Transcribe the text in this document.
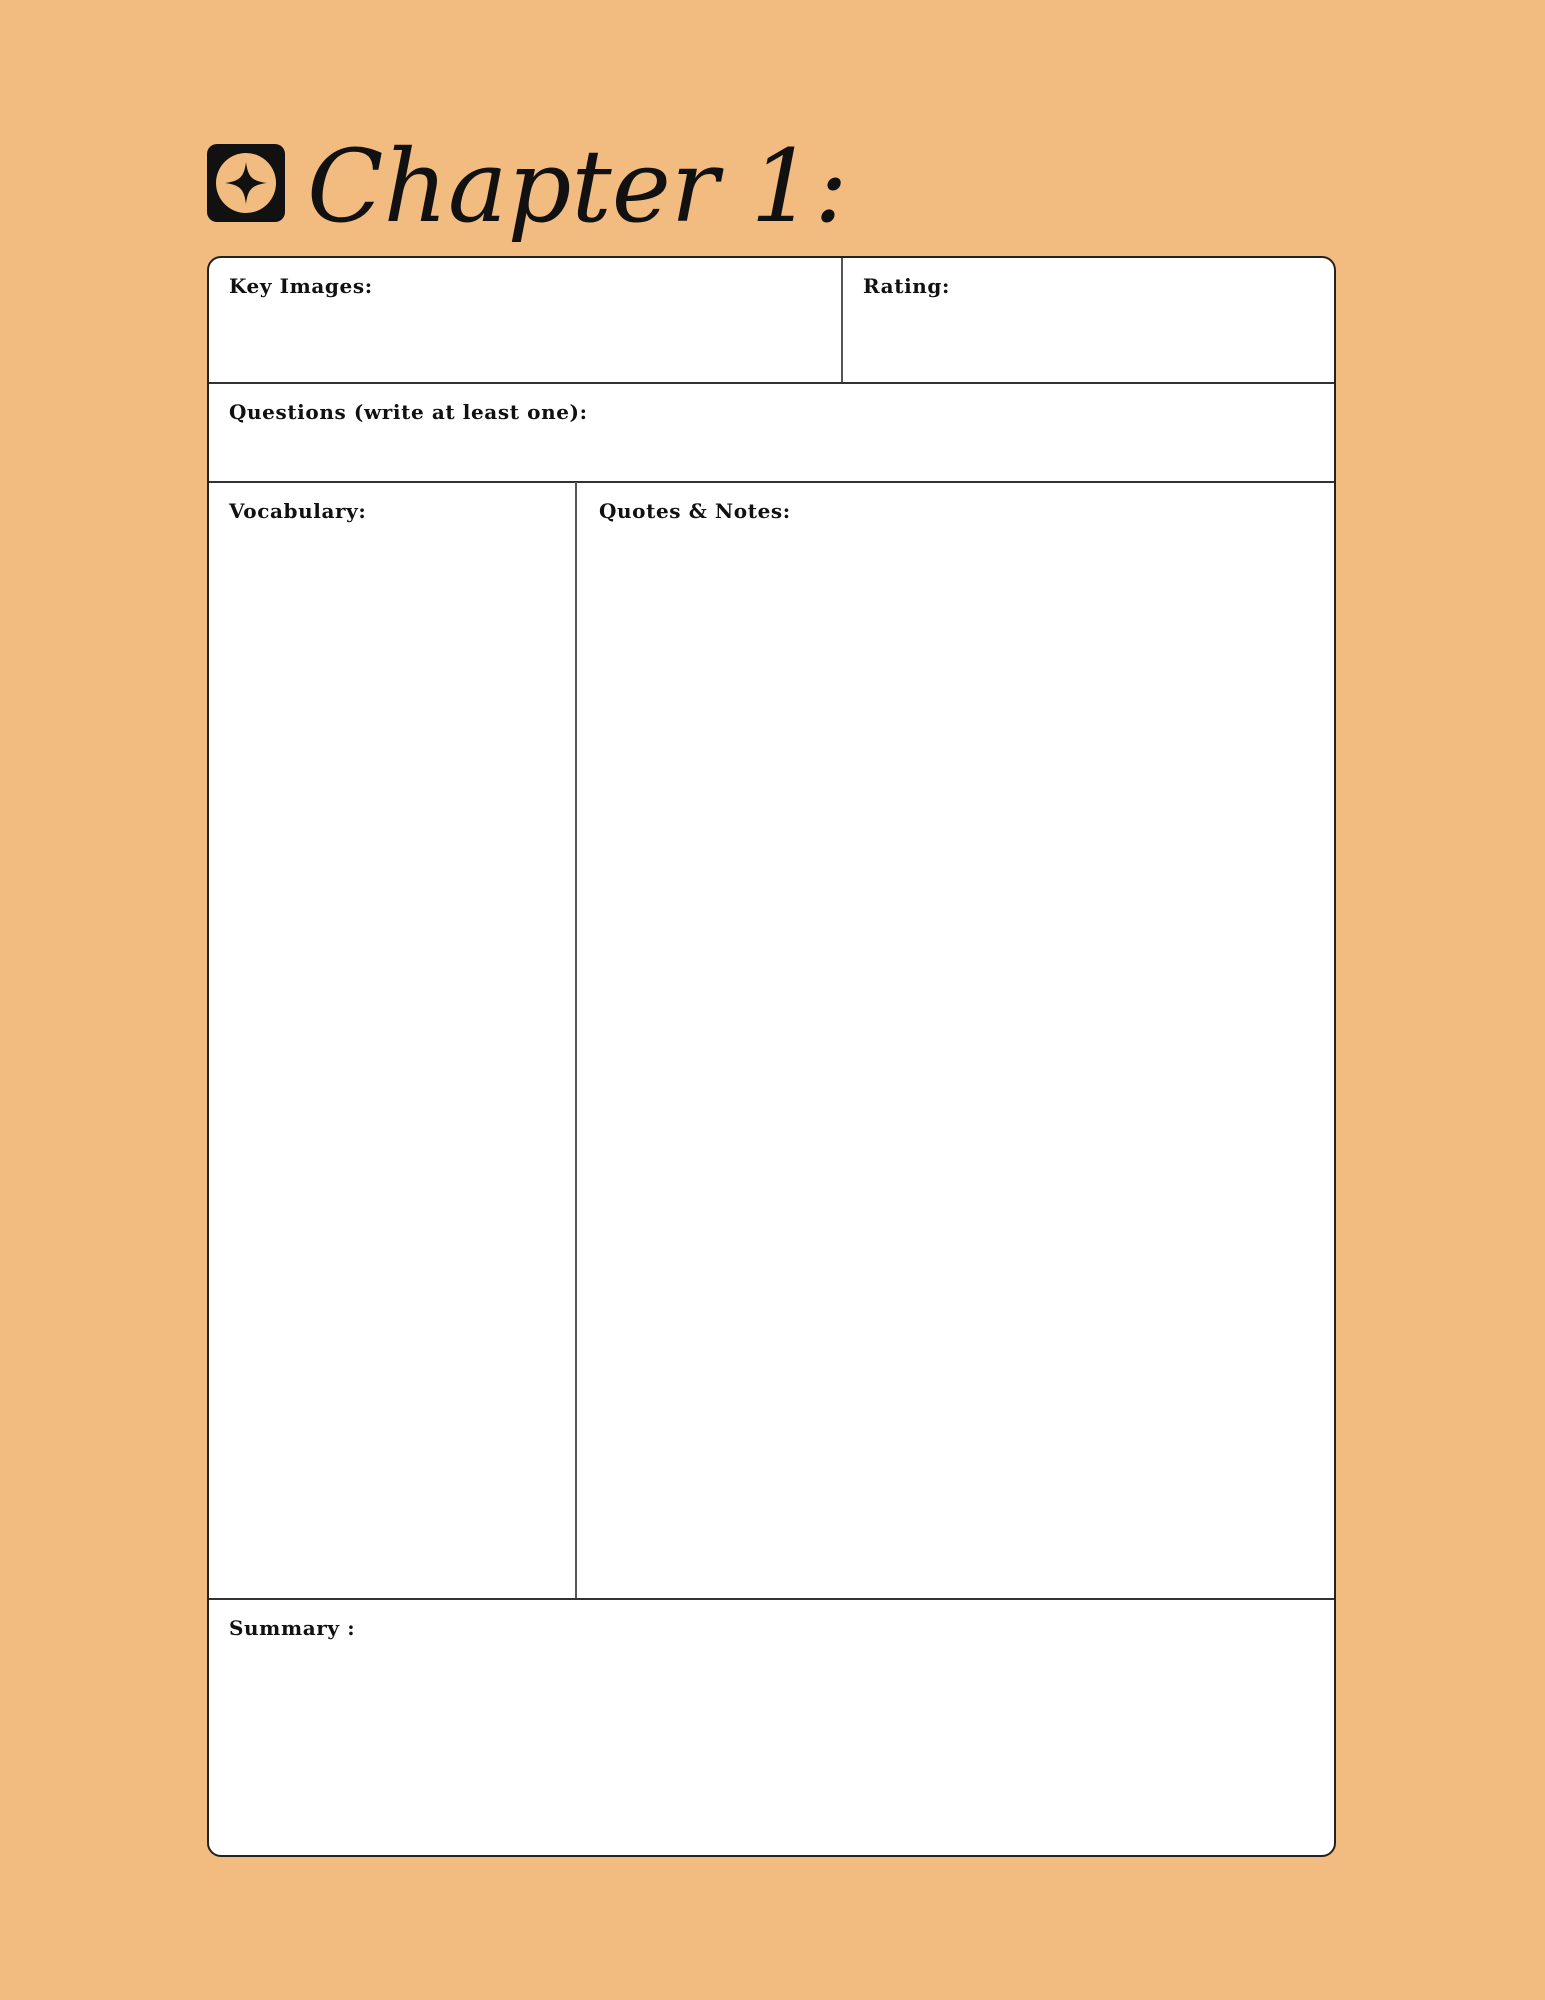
Chapter 1:
Key Images:	Rating:
Questions (write at least one):
Vocabulary:	Quotes & Notes:
Summary :
